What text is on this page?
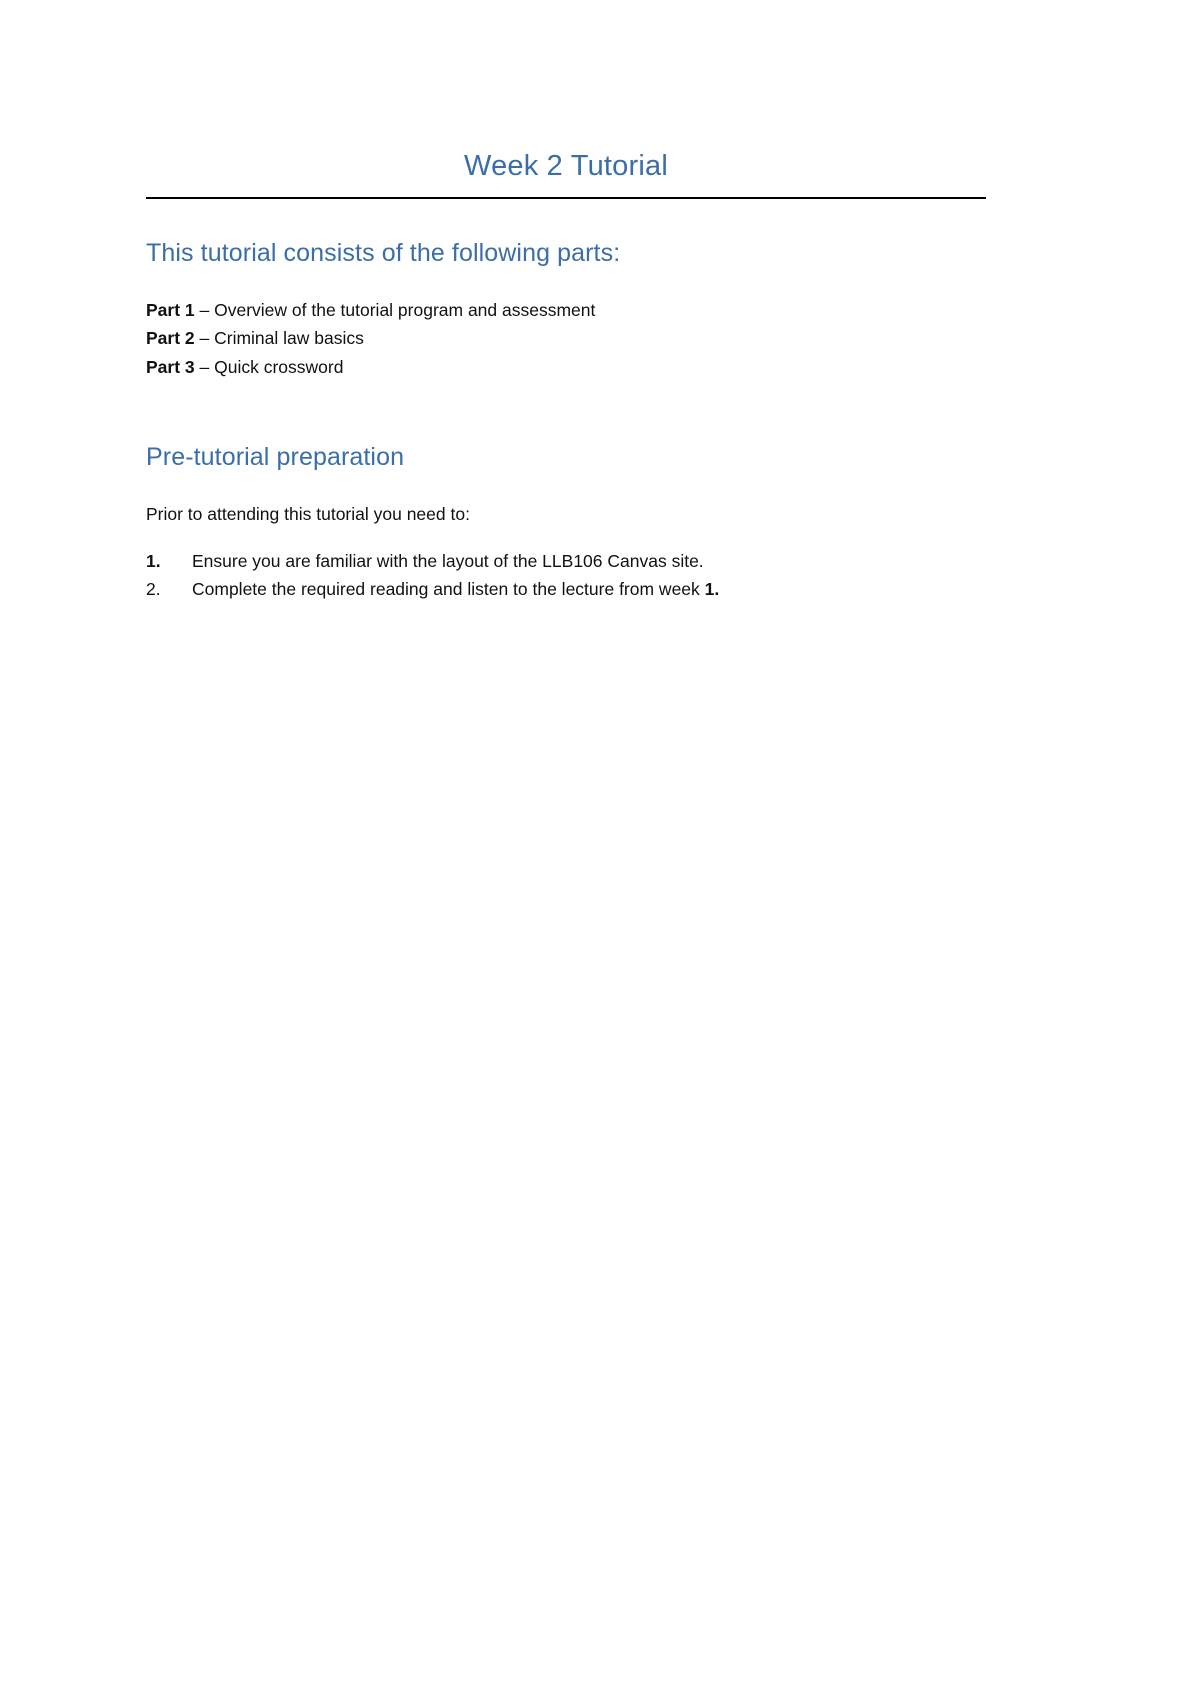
Week 2 Tutorial
This tutorial consists of the following parts:
Part 1 – Overview of the tutorial program and assessment
Part 2 – Criminal law basics
Part 3 – Quick crossword
Pre-tutorial preparation
Prior to attending this tutorial you need to:
1.	Ensure you are familiar with the layout of the LLB106 Canvas site.
2.	Complete the required reading and listen to the lecture from week 1.
